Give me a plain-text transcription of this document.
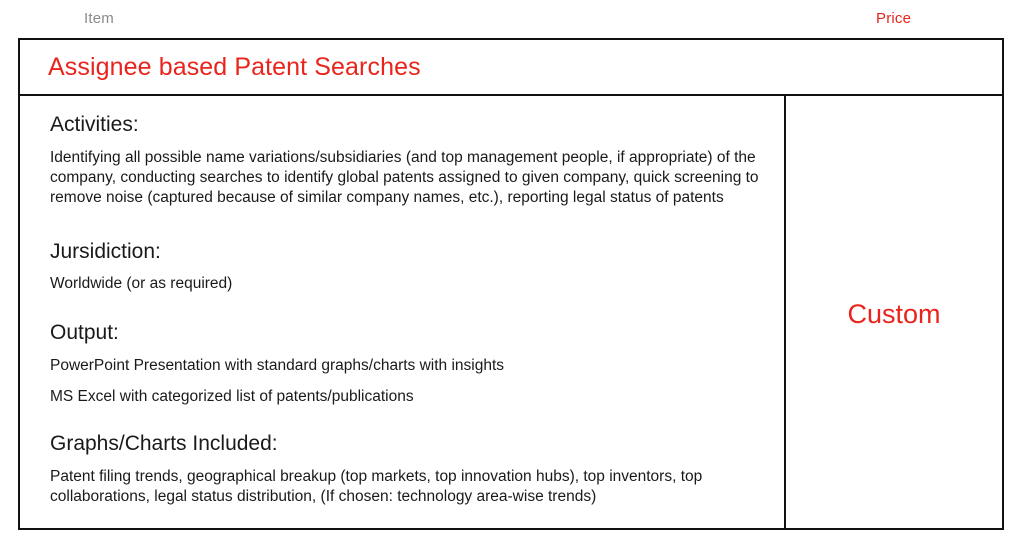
Item	Price
Assignee based Patent Searches

Activities:

Identifying all possible name variations/subsidiaries (and top management people, if appropriate) of the company, conducting searches to identify global patents assigned to given company, quick screening to remove noise (captured because of similar company names, etc.), reporting legal status of patents

Jursidiction:

Worldwide (or as required)

Output:

PowerPoint Presentation with standard graphs/charts with insights

MS Excel with categorized list of patents/publications

Graphs/Charts Included:

Patent filing trends, geographical breakup (top markets, top innovation hubs), top inventors, top collaborations, legal status distribution, (If chosen: technology area-wise trends)

Custom
